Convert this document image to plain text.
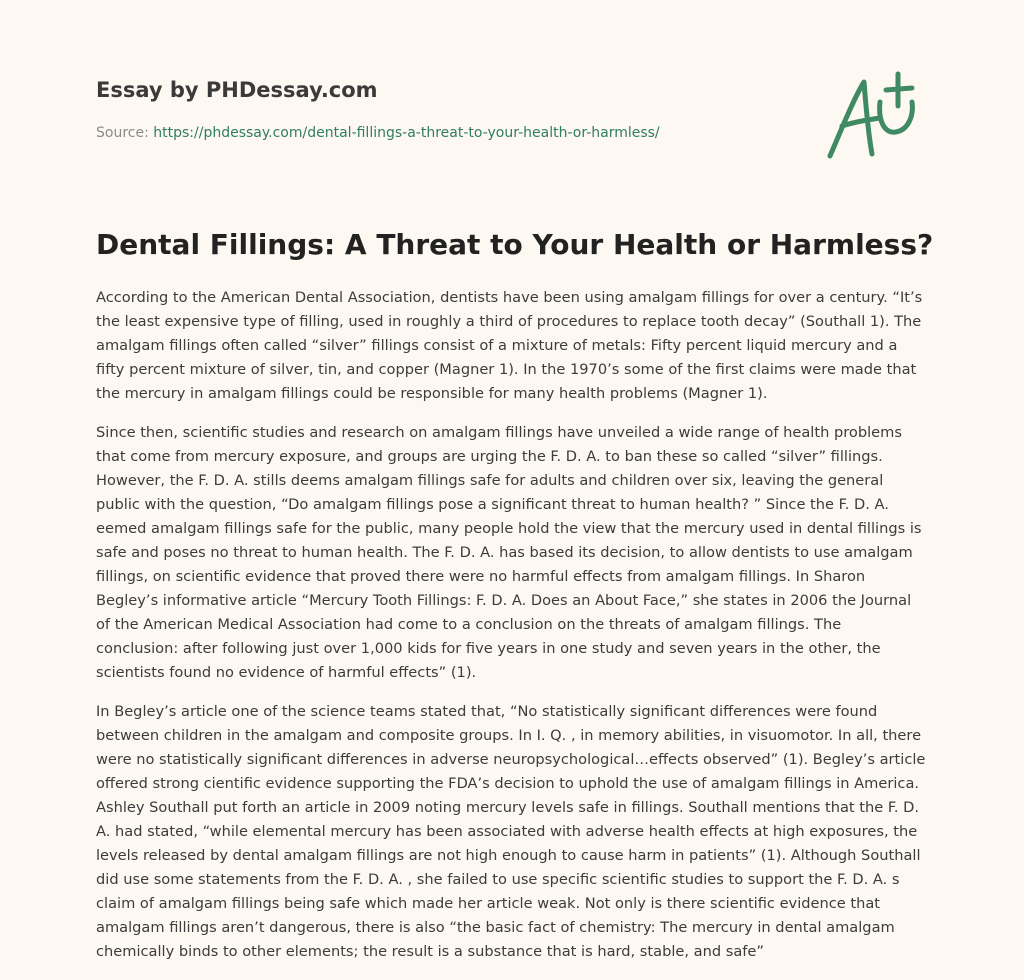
Essay by PHDessay.com

Source: https://phdessay.com/dental-fillings-a-threat-to-your-health-or-harmless/
Dental Fillings: A Threat to Your Health or Harmless?

According to the American Dental Association, dentists have been using amalgam fillings for over a century. “It’s the least expensive type of filling, used in roughly a third of procedures to replace tooth decay” (Southall 1). The amalgam fillings often called “silver” fillings consist of a mixture of metals: Fifty percent liquid mercury and a fifty percent mixture of silver, tin, and copper (Magner 1). In the 1970’s some of the first claims were made that the mercury in amalgam fillings could be responsible for many health problems (Magner 1).

Since then, scientific studies and research on amalgam fillings have unveiled a wide range of health problems that come from mercury exposure, and groups are urging the F. D. A. to ban these so called “silver” fillings. However, the F. D. A. stills deems amalgam fillings safe for adults and children over six, leaving the general public with the question, “Do amalgam fillings pose a significant threat to human health? ” Since the F. D. A. eemed amalgam fillings safe for the public, many people hold the view that the mercury used in dental fillings is safe and poses no threat to human health. The F. D. A. has based its decision, to allow dentists to use amalgam fillings, on scientific evidence that proved there were no harmful effects from amalgam fillings. In Sharon Begley’s informative article “Mercury Tooth Fillings: F. D. A. Does an About Face,” she states in 2006 the Journal of the American Medical Association had come to a conclusion on the threats of amalgam fillings. The conclusion: after following just over 1,000 kids for five years in one study and seven years in the other, the scientists found no evidence of harmful effects” (1).

In Begley’s article one of the science teams stated that, “No statistically significant differences were found between children in the amalgam and composite groups. In I. Q. , in memory abilities, in visuomotor. In all, there were no statistically significant differences in adverse neuropsychological…effects observed” (1). Begley’s article offered strong cientific evidence supporting the FDA’s decision to uphold the use of amalgam fillings in America. Ashley Southall put forth an article in 2009 noting mercury levels safe in fillings. Southall mentions that the F. D. A. had stated, “while elemental mercury has been associated with adverse health effects at high exposures, the levels released by dental amalgam fillings are not high enough to cause harm in patients” (1). Although Southall did use some statements from the F. D. A. , she failed to use specific scientific studies to support the F. D. A. s claim of amalgam fillings being safe which made her article weak. Not only is there scientific evidence that amalgam fillings aren’t dangerous, there is also “the basic fact of chemistry: The mercury in dental amalgam chemically binds to other elements; the result is a substance that is hard, stable, and safe”
